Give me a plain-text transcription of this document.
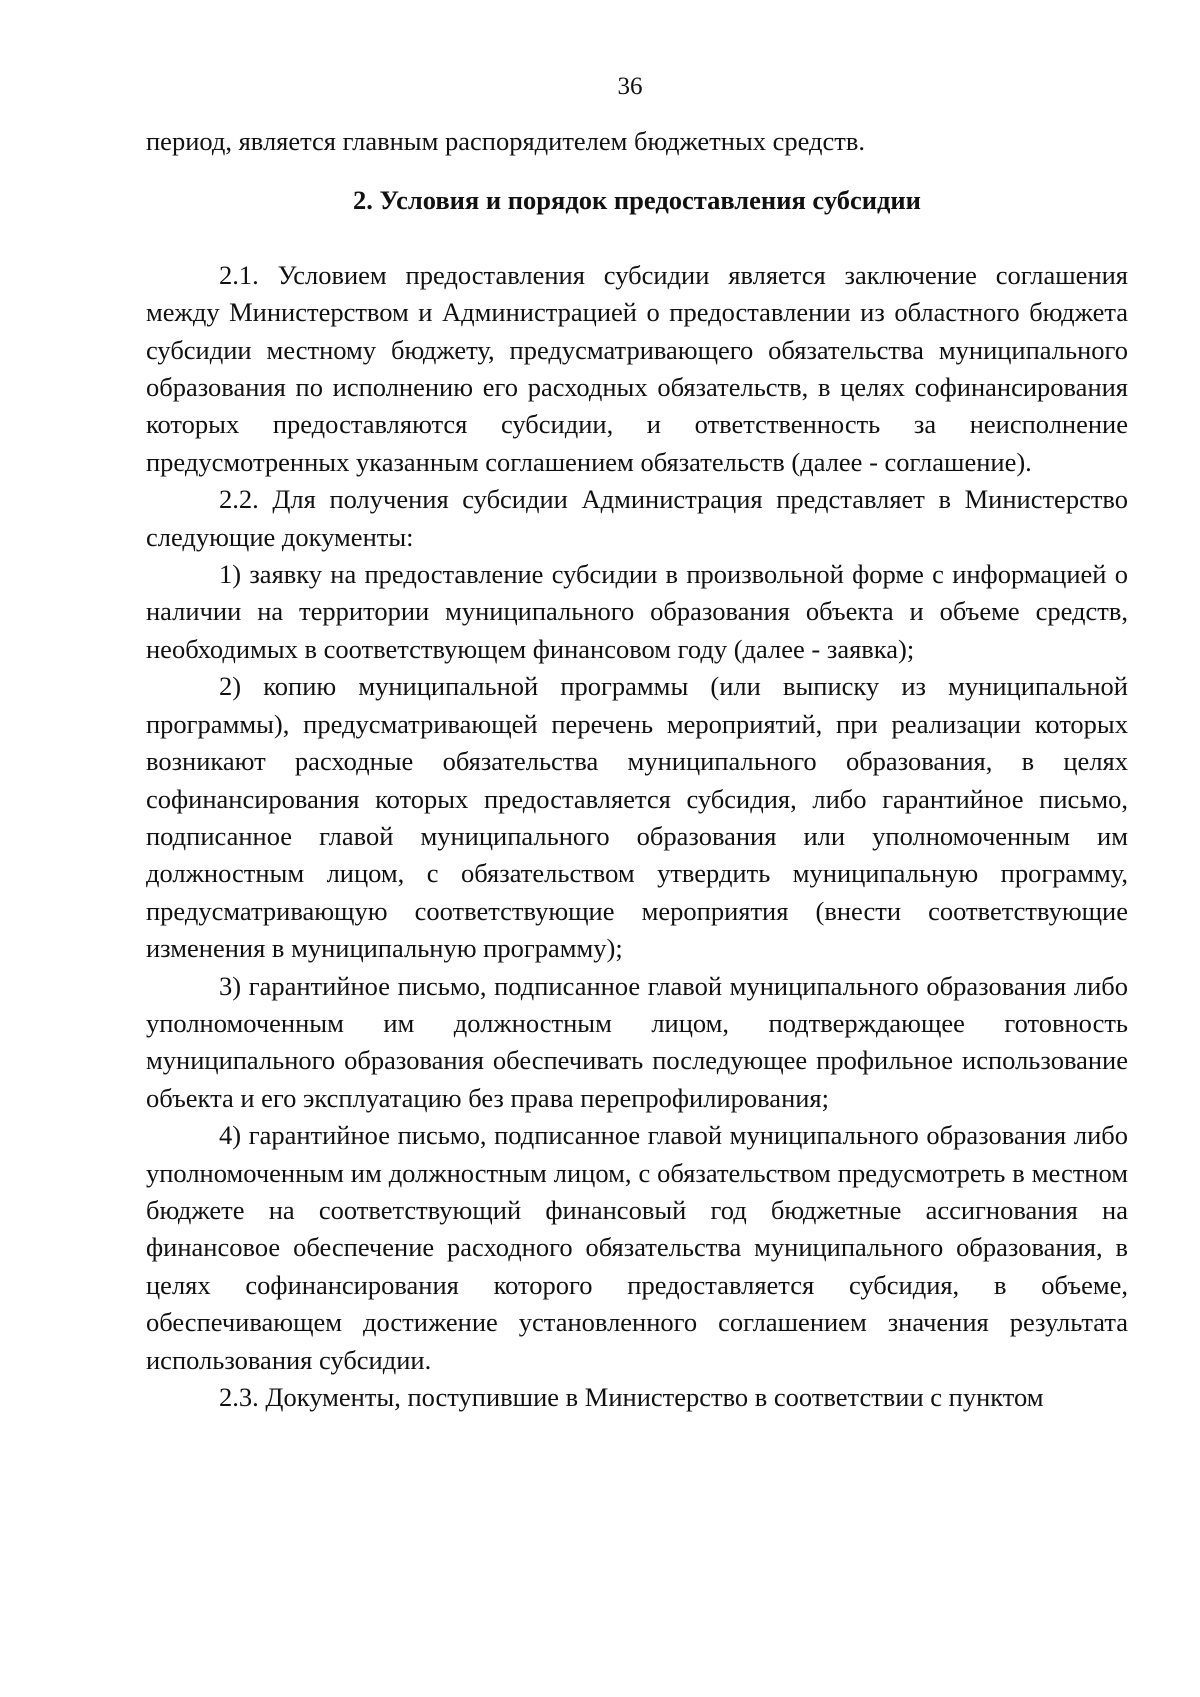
36

период, является главным распорядителем бюджетных средств.

2. Условия и порядок предоставления субсидии

2.1. Условием предоставления субсидии является заключение соглашения между Министерством и Администрацией о предоставлении из областного бюджета субсидии местному бюджету, предусматривающего обязательства муниципального образования по исполнению его расходных обязательств, в целях софинансирования которых предоставляются субсидии, и ответственность за неисполнение предусмотренных указанным соглашением обязательств (далее - соглашение).

2.2. Для получения субсидии Администрация представляет в Министерство следующие документы:

1) заявку на предоставление субсидии в произвольной форме с информацией о наличии на территории муниципального образования объекта и объеме средств, необходимых в соответствующем финансовом году (далее - заявка);

2) копию муниципальной программы (или выписку из муниципальной программы), предусматривающей перечень мероприятий, при реализации которых возникают расходные обязательства муниципального образования, в целях софинансирования которых предоставляется субсидия, либо гарантийное письмо, подписанное главой муниципального образования или уполномоченным им должностным лицом, с обязательством утвердить муниципальную программу, предусматривающую соответствующие мероприятия (внести соответствующие изменения в муниципальную программу);

3) гарантийное письмо, подписанное главой муниципального образования либо уполномоченным им должностным лицом, подтверждающее готовность муниципального образования обеспечивать последующее профильное использование объекта и его эксплуатацию без права перепрофилирования;

4) гарантийное письмо, подписанное главой муниципального образования либо уполномоченным им должностным лицом, с обязательством предусмотреть в местном бюджете на соответствующий финансовый год бюджетные ассигнования на финансовое обеспечение расходного обязательства муниципального образования, в целях софинансирования которого предоставляется субсидия, в объеме, обеспечивающем достижение установленного соглашением значения результата использования субсидии.

2.3. Документы, поступившие в Министерство в соответствии с пунктом
